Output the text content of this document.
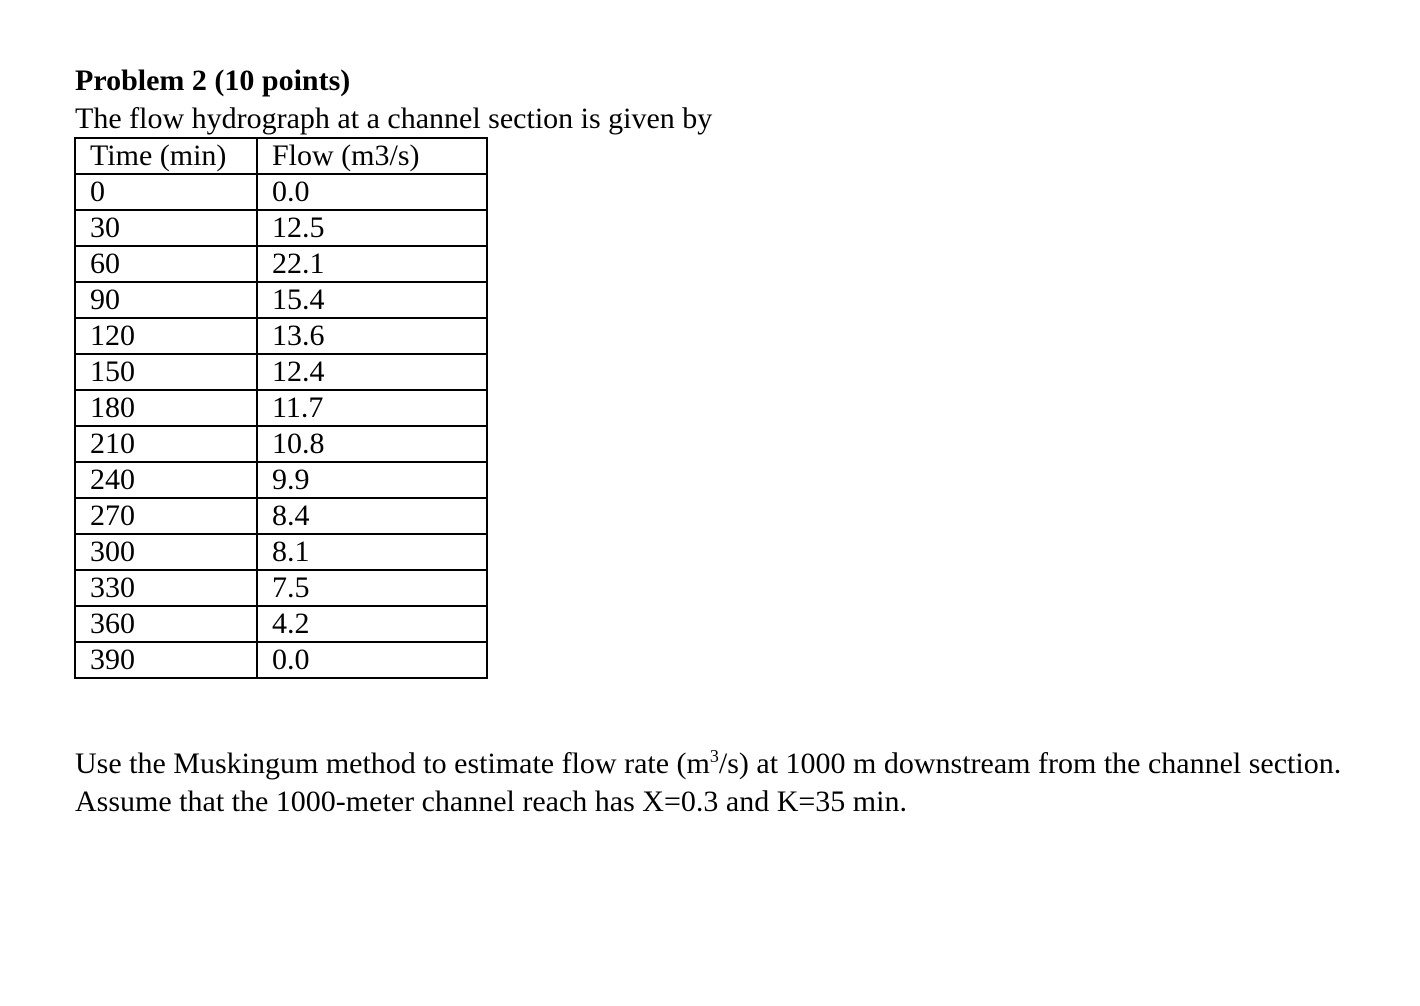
Problem 2 (10 points)
The flow hydrograph at a channel section is given by
Time (min)	Flow (m3/s)
0	0.0
30	12.5
60	22.1
90	15.4
120	13.6
150	12.4
180	11.7
210	10.8
240	9.9
270	8.4
300	8.1
330	7.5
360	4.2
390	0.0
Use the Muskingum method to estimate flow rate $(m^3/s)$ at 1000 m downstream from the channel section. Assume that the 1000-meter channel reach has X=0.3 and K=35 min.
